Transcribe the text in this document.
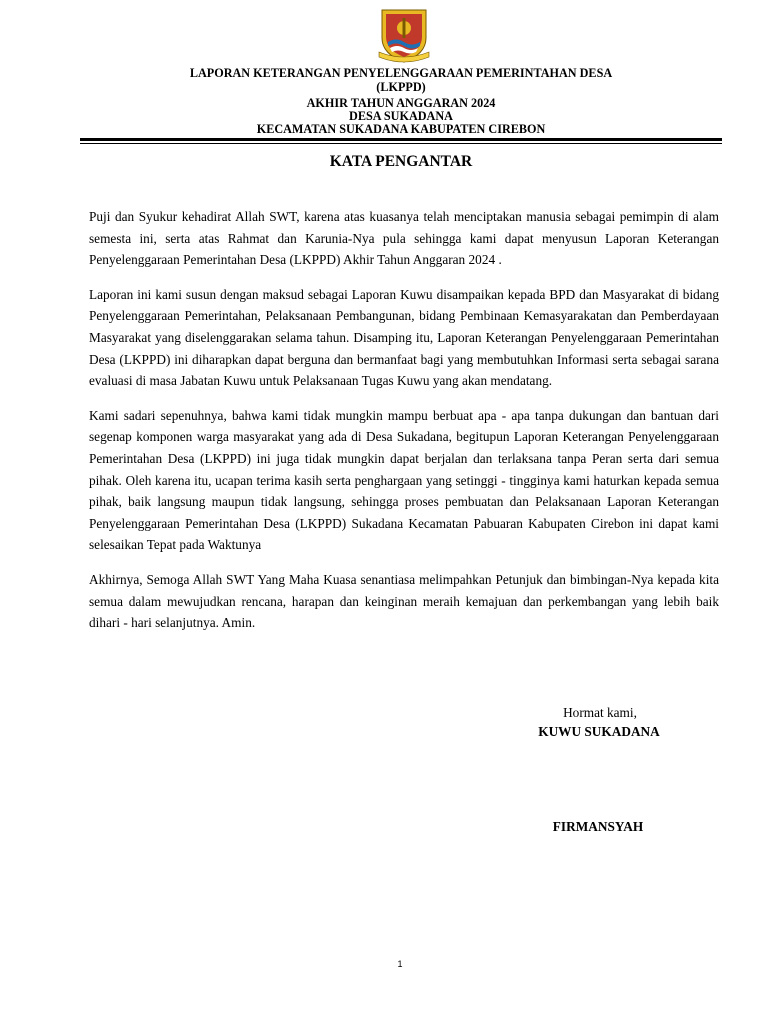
LAPORAN KETERANGAN PENYELENGGARAAN PEMERINTAHAN DESA
(LKPPD)
AKHIR TAHUN ANGGARAN 2024
DESA SUKADANA
KECAMATAN SUKADANA KABUPATEN CIREBON
KATA PENGANTAR

Puji dan Syukur kehadirat Allah SWT, karena atas kuasanya telah menciptakan manusia sebagai pemimpin di alam semesta ini, serta atas Rahmat dan Karunia-Nya pula sehingga kami dapat menyusun Laporan Keterangan Penyelenggaraan Pemerintahan Desa (LKPPD) Akhir Tahun Anggaran 2024 .

Laporan ini kami susun dengan maksud sebagai Laporan Kuwu disampaikan kepada BPD dan Masyarakat di bidang Penyelenggaraan Pemerintahan, Pelaksanaan Pembangunan, bidang Pembinaan Kemasyarakatan dan Pemberdayaan Masyarakat yang diselenggarakan selama tahun. Disamping itu, Laporan Keterangan Penyelenggaraan Pemerintahan Desa (LKPPD) ini diharapkan dapat berguna dan bermanfaat bagi yang membutuhkan Informasi serta sebagai sarana evaluasi di masa Jabatan Kuwu untuk Pelaksanaan Tugas Kuwu yang akan mendatang.

Kami sadari sepenuhnya, bahwa kami tidak mungkin mampu berbuat apa - apa tanpa dukungan dan bantuan dari segenap komponen warga masyarakat yang ada di Desa Sukadana, begitupun Laporan Keterangan Penyelenggaraan Pemerintahan Desa (LKPPD) ini juga tidak mungkin dapat berjalan dan terlaksana tanpa Peran serta dari semua pihak. Oleh karena itu, ucapan terima kasih serta penghargaan yang setinggi - tingginya kami haturkan kepada semua pihak, baik langsung maupun tidak langsung, sehingga proses pembuatan dan Pelaksanaan Laporan Keterangan Penyelenggaraan Pemerintahan Desa (LKPPD) Sukadana Kecamatan Pabuaran Kabupaten Cirebon ini dapat kami selesaikan Tepat pada Waktunya

Akhirnya, Semoga Allah SWT Yang Maha Kuasa senantiasa melimpahkan Petunjuk dan bimbingan-Nya kepada kita semua dalam mewujudkan rencana, harapan dan keinginan meraih kemajuan dan perkembangan yang lebih baik dihari - hari selanjutnya. Amin.

Hormat kami,
KUWU SUKADANA
FIRMANSYAH
1
